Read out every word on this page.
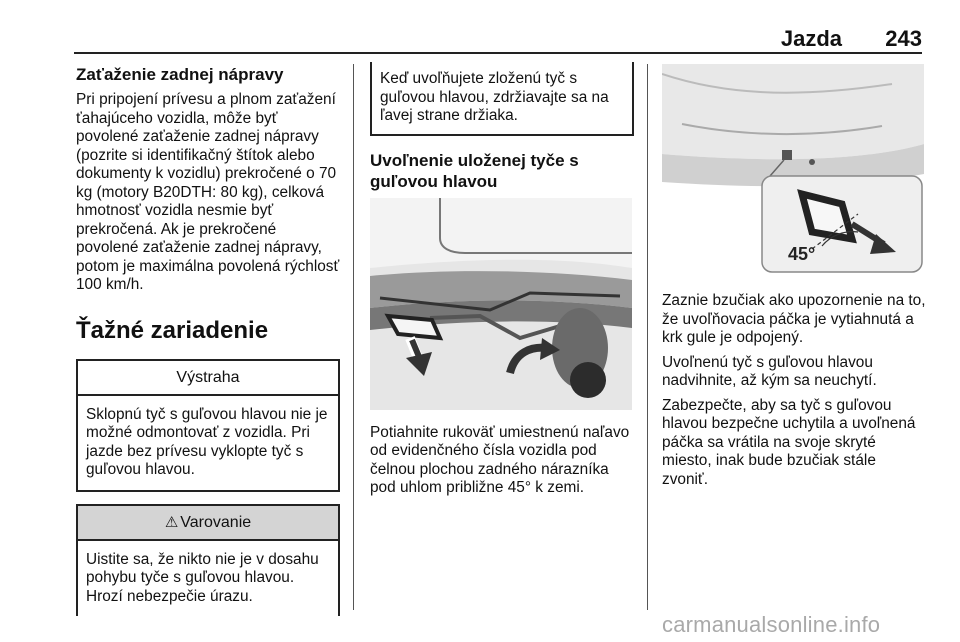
Jazda 243
Zaťaženie zadnej nápravy

Pri pripojení prívesu a plnom zaťažení ťahajúceho vozidla, môže byť povolené zaťaženie zadnej nápravy (pozrite si identifikačný štítok alebo dokumenty k vozidlu) prekročené o 70 kg (motory B20DTH: 80 kg), celková hmotnosť vozidla nesmie byť prekročená. Ak je prekročené povolené zaťaženie zadnej nápravy, potom je maximálna povolená rýchlosť 100 km/h.

Ťažné zariadenie
Výstraha
Sklopnú tyč s guľovou hlavou nie je možné odmontovať z vozidla. Pri jazde bez prívesu vyklopte tyč s guľovou hlavou.
⚠ Varovanie
Uistite sa, že nikto nie je v dosahu pohybu tyče s guľovou hlavou. Hrozí nebezpečie úrazu.
Keď uvoľňujete zloženú tyč s guľovou hlavou, zdržiavajte sa na ľavej strane držiaka.
Uvoľnenie uloženej tyče s guľovou hlavou

Potiahnite rukoväť umiestnenú naľavo od evidenčného čísla vozidla pod čelnou plochou zadného nárazníka pod uhlom približne 45° k zemi.

45°

Zaznie bzučiak ako upozornenie na to, že uvoľňovacia páčka je vytiahnutá a krk gule je odpojený.

Uvoľnenú tyč s guľovou hlavou nadvihnite, až kým sa neuchytí.

Zabezpečte, aby sa tyč s guľovou hlavou bezpečne uchytila a uvoľnená páčka sa vrátila na svoje skryté miesto, inak bude bzučiak stále zvoniť.

carmanualsonline.info
